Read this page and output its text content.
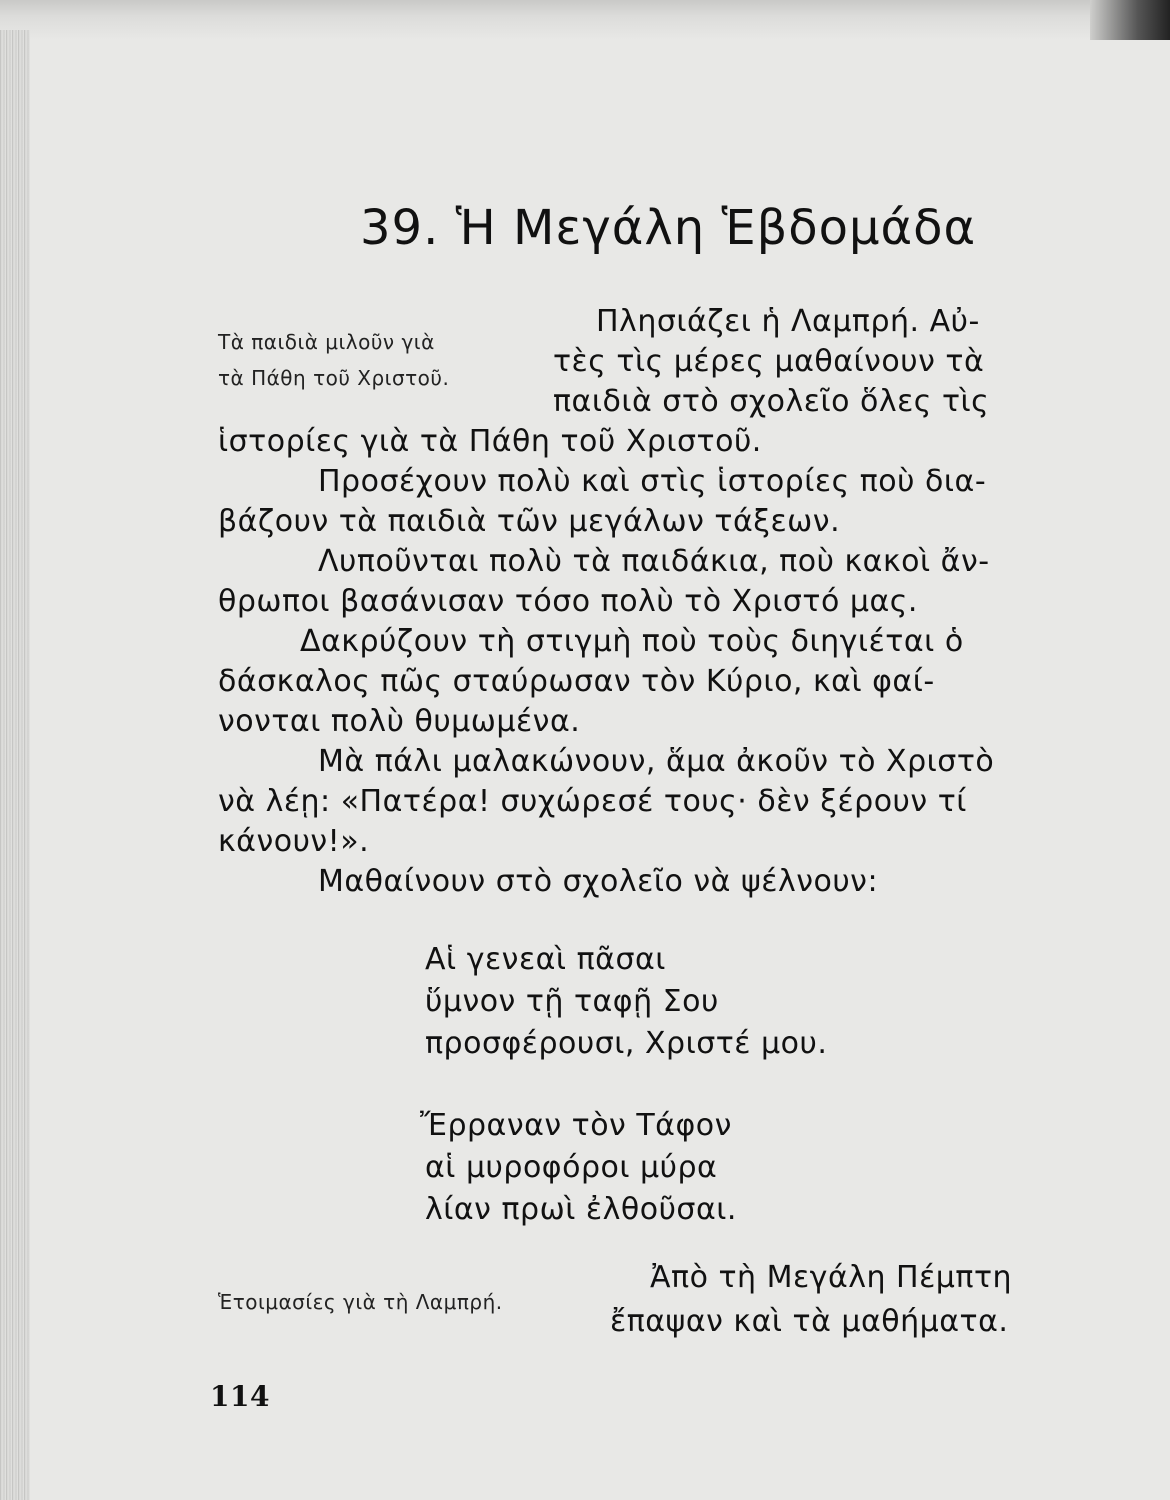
39. Ἡ Μεγάλη Ἑβδομάδα
Τὰ παιδιὰ μιλοῦν γιὰ
τὰ Πάθη τοῦ Χριστοῦ.
Πλησιάζει ἡ Λαμπρή. Αὐ-
τὲς τὶς μέρες μαθαίνουν τὰ
παιδιὰ στὸ σχολεῖο ὅλες τὶς
ἱστορίες γιὰ τὰ Πάθη τοῦ Χριστοῦ.
Προσέχουν πολὺ καὶ στὶς ἱστορίες ποὺ δια-
βάζουν τὰ παιδιὰ τῶν μεγάλων τάξεων.
Λυποῦνται πολὺ τὰ παιδάκια, ποὺ κακοὶ ἄν-
θρωποι βασάνισαν τόσο πολὺ τὸ Χριστό μας.
Δακρύζουν τὴ στιγμὴ ποὺ τοὺς διηγιέται ὁ
δάσκαλος πῶς σταύρωσαν τὸν Κύριο, καὶ φαί-
νονται πολὺ θυμωμένα.
Μὰ πάλι μαλακώνουν, ἅμα ἀκοῦν τὸ Χριστὸ
νὰ λέῃ: «Πατέρα! συχώρεσέ τους· δὲν ξέρουν τί
κάνουν!».
Μαθαίνουν στὸ σχολεῖο νὰ ψέλνουν:
Αἱ γενεαὶ πᾶσαι
ὕμνον τῇ ταφῇ Σου
προσφέρουσι, Χριστέ μου.
Ἔρραναν τὸν Τάφον
αἱ μυροφόροι μύρα
λίαν πρωὶ ἐλθοῦσαι.
Ἑτοιμασίες γιὰ τὴ Λαμπρή.
Ἀπὸ τὴ Μεγάλη Πέμπτη
ἔπαψαν καὶ τὰ μαθήματα.
114
